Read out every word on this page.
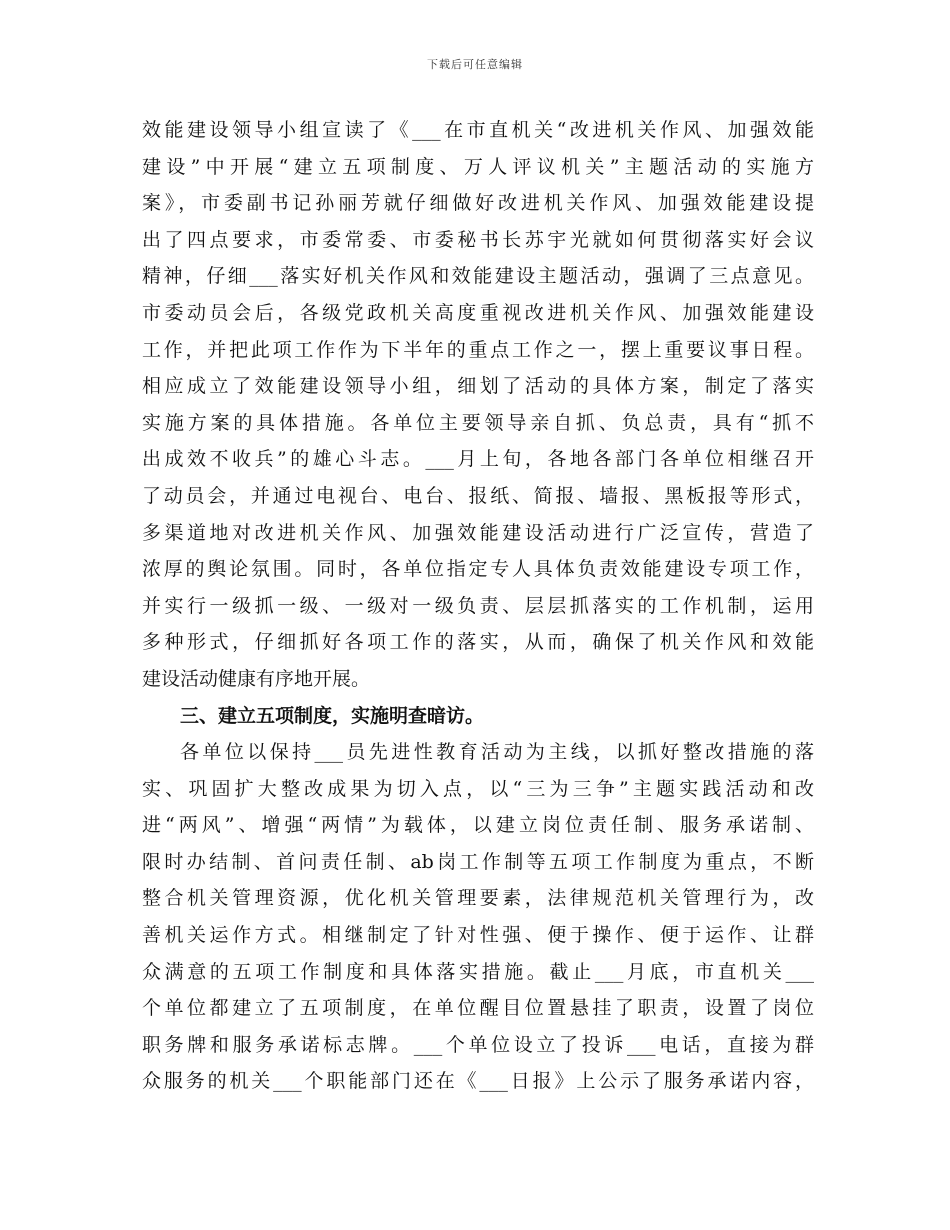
下载后可任意编辑
效能建设领导小组宣读了《___在市直机关“改进机关作风、加强效能
建设”中开展“建立五项制度、万人评议机关”主题活动的实施方
案》，市委副书记孙丽芳就仔细做好改进机关作风、加强效能建设提
出了四点要求，市委常委、市委秘书长苏宇光就如何贯彻落实好会议
精神，仔细___落实好机关作风和效能建设主题活动，强调了三点意见。
市委动员会后，各级党政机关高度重视改进机关作风、加强效能建设
工作，并把此项工作作为下半年的重点工作之一，摆上重要议事日程。
相应成立了效能建设领导小组，细划了活动的具体方案，制定了落实
实施方案的具体措施。各单位主要领导亲自抓、负总责，具有“抓不
出成效不收兵”的雄心斗志。___月上旬，各地各部门各单位相继召开
了动员会，并通过电视台、电台、报纸、简报、墙报、黑板报等形式，
多渠道地对改进机关作风、加强效能建设活动进行广泛宣传，营造了
浓厚的舆论氛围。同时，各单位指定专人具体负责效能建设专项工作，
并实行一级抓一级、一级对一级负责、层层抓落实的工作机制，运用
多种形式，仔细抓好各项工作的落实，从而，确保了机关作风和效能
建设活动健康有序地开展。
三、建立五项制度，实施明查暗访。
各单位以保持___员先进性教育活动为主线，以抓好整改措施的落
实、巩固扩大整改成果为切入点，以“三为三争”主题实践活动和改
进“两风”、增强“两情”为载体，以建立岗位责任制、服务承诺制、
限时办结制、首问责任制、ab岗工作制等五项工作制度为重点，不断
整合机关管理资源，优化机关管理要素，法律规范机关管理行为，改
善机关运作方式。相继制定了针对性强、便于操作、便于运作、让群
众满意的五项工作制度和具体落实措施。截止___月底，市直机关___
个单位都建立了五项制度，在单位醒目位置悬挂了职责，设置了岗位
职务牌和服务承诺标志牌。___个单位设立了投诉___电话，直接为群
众服务的机关___个职能部门还在《___日报》上公示了服务承诺内容，
